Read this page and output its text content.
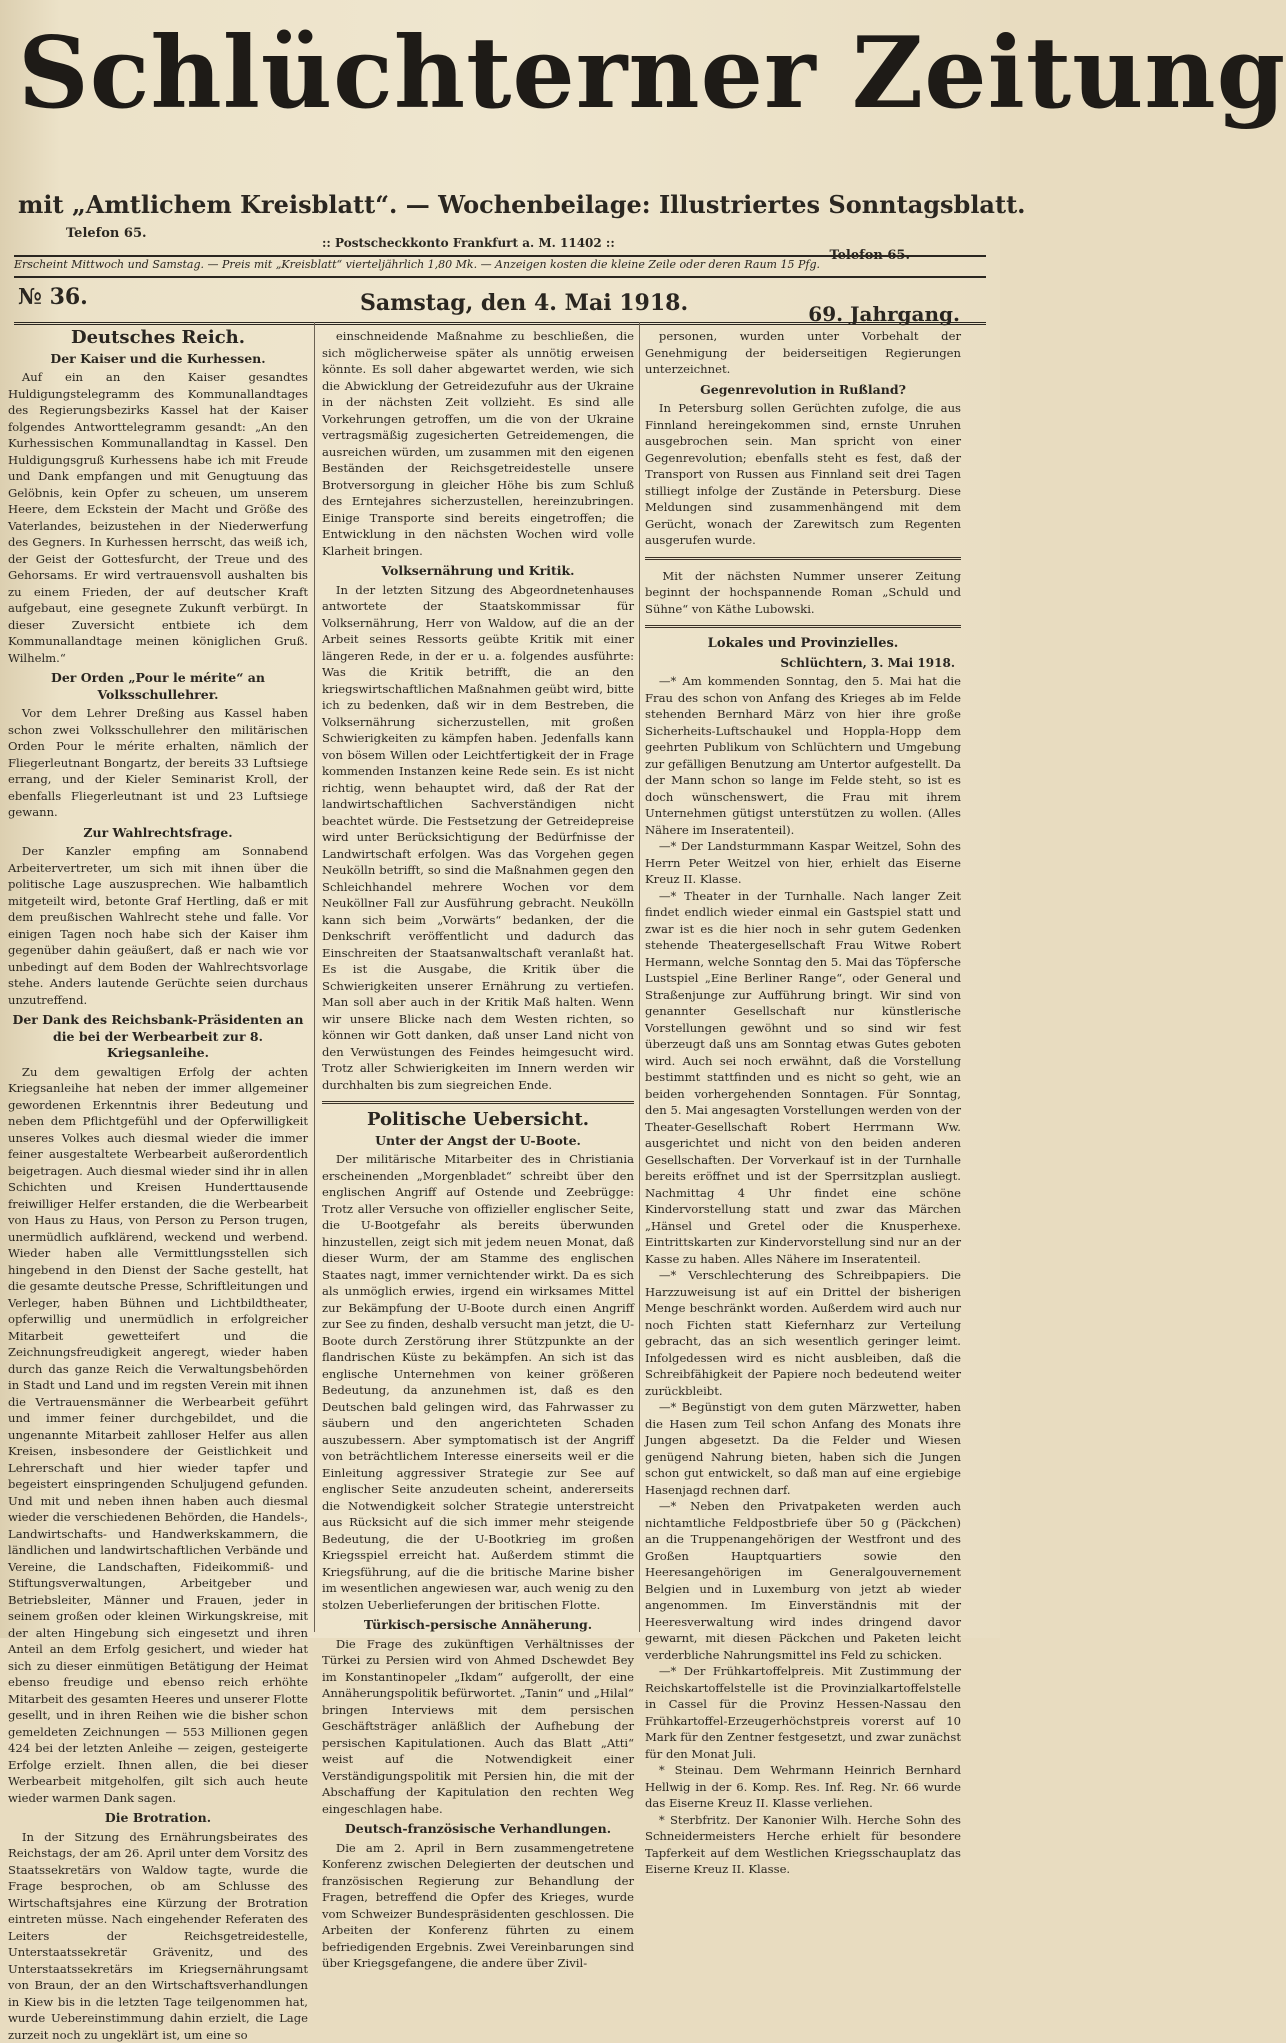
Schlüchterner Zeitung
mit „Amtlichem Kreisblatt“. — Wochenbeilage: Illustriertes Sonntagsblatt.
Telefon 65.
:: Postscheckkonto Frankfurt a. M. 11402 ::
Telefon 65.
Erscheint Mittwoch und Samstag. — Preis mit „Kreisblatt“ vierteljährlich 1,80 Mk. — Anzeigen kosten die kleine Zeile oder deren Raum 15 Pfg.
№ 36.	Samstag, den 4. Mai 1918.	69. Jahrgang.
Deutsches Reich.
Der Kaiser und die Kurhessen.

Auf ein an den Kaiser gesandtes Huldigungstelegramm des Kommunallandtages des Regierungsbezirks Kassel hat der Kaiser folgendes Antworttelegramm gesandt: „An den Kurhessischen Kommunallandtag in Kassel. Den Huldigungsgruß Kurhessens habe ich mit Freude und Dank empfangen und mit Genugtuung das Gelöbnis, kein Opfer zu scheuen, um unserem Heere, dem Eckstein der Macht und Größe des Vaterlandes, beizustehen in der Niederwerfung des Gegners. In Kurhessen herrscht, das weiß ich, der Geist der Gottesfurcht, der Treue und des Gehorsams. Er wird vertrauensvoll aushalten bis zu einem Frieden, der auf deutscher Kraft aufgebaut, eine gesegnete Zukunft verbürgt. In dieser Zuversicht entbiete ich dem Kommunallandtage meinen königlichen Gruß. Wilhelm.“

Der Orden „Pour le mérite“ an Volksschullehrer.

Vor dem Lehrer Dreßing aus Kassel haben schon zwei Volksschullehrer den militärischen Orden Pour le mérite erhalten, nämlich der Fliegerleutnant Bongartz, der bereits 33 Luftsiege errang, und der Kieler Seminarist Kroll, der ebenfalls Fliegerleutnant ist und 23 Luftsiege gewann.

Zur Wahlrechtsfrage.

Der Kanzler empfing am Sonnabend Arbeitervertreter, um sich mit ihnen über die politische Lage auszusprechen. Wie halbamtlich mitgeteilt wird, betonte Graf Hertling, daß er mit dem preußischen Wahlrecht stehe und falle. Vor einigen Tagen noch habe sich der Kaiser ihm gegenüber dahin geäußert, daß er nach wie vor unbedingt auf dem Boden der Wahlrechtsvorlage stehe. Anders lautende Gerüchte seien durchaus unzutreffend.

Der Dank des Reichsbank-Präsidenten an die bei der Werbearbeit zur 8. Kriegsanleihe.

Zu dem gewaltigen Erfolg der achten Kriegsanleihe hat neben der immer allgemeiner gewordenen Erkenntnis ihrer Bedeutung und neben dem Pflichtgefühl und der Opferwilligkeit unseres Volkes auch diesmal wieder die immer feiner ausgestaltete Werbearbeit außerordentlich beigetragen. Auch diesmal wieder sind ihr in allen Schichten und Kreisen Hunderttausende freiwilliger Helfer erstanden, die die Werbearbeit von Haus zu Haus, von Person zu Person trugen, unermüdlich aufklärend, weckend und werbend. Wieder haben alle Vermittlungsstellen sich hingebend in den Dienst der Sache gestellt, hat die gesamte deutsche Presse, Schriftleitungen und Verleger, haben Bühnen und Lichtbildtheater, opferwillig und unermüdlich in erfolgreicher Mitarbeit gewetteifert und die Zeichnungsfreudigkeit angeregt, wieder haben durch das ganze Reich die Verwaltungsbehörden in Stadt und Land und im regsten Verein mit ihnen die Vertrauensmänner die Werbearbeit geführt und immer feiner durchgebildet, und die ungenannte Mitarbeit zahlloser Helfer aus allen Kreisen, insbesondere der Geistlichkeit und Lehrerschaft und hier wieder tapfer und begeistert einspringenden Schuljugend gefunden. Und mit und neben ihnen haben auch diesmal wieder die verschiedenen Behörden, die Handels-, Landwirtschafts- und Handwerkskammern, die ländlichen und landwirtschaftlichen Verbände und Vereine, die Landschaften, Fideikommiß- und Stiftungsverwaltungen, Arbeitgeber und Betriebsleiter, Männer und Frauen, jeder in seinem großen oder kleinen Wirkungskreise, mit der alten Hingebung sich eingesetzt und ihren Anteil an dem Erfolg gesichert, und wieder hat sich zu dieser einmütigen Betätigung der Heimat ebenso freudige und ebenso reich erhöhte Mitarbeit des gesamten Heeres und unserer Flotte gesellt, und in ihren Reihen wie die bisher schon gemeldeten Zeichnungen — 553 Millionen gegen 424 bei der letzten Anleihe — zeigen, gesteigerte Erfolge erzielt. Ihnen allen, die bei dieser Werbearbeit mitgeholfen, gilt sich auch heute wieder warmen Dank sagen.

Die Brotration.

In der Sitzung des Ernährungsbeirates des Reichstags, der am 26. April unter dem Vorsitz des Staatssekretärs von Waldow tagte, wurde die Frage besprochen, ob am Schlusse des Wirtschaftsjahres eine Kürzung der Brotration eintreten müsse. Nach eingehender Referaten des Leiters der Reichsgetreidestelle, Unterstaatssekretär Grävenitz, und des Unterstaatssekretärs im Kriegsernährungsamt von Braun, der an den Wirtschaftsverhandlungen in Kiew bis in die letzten Tage teilgenommen hat, wurde Uebereinstimmung dahin erzielt, die Lage zurzeit noch zu ungeklärt ist, um eine so

einschneidende Maßnahme zu beschließen, die sich möglicherweise später als unnötig erweisen könnte. Es soll daher abgewartet werden, wie sich die Abwicklung der Getreidezufuhr aus der Ukraine in der nächsten Zeit vollzieht. Es sind alle Vorkehrungen getroffen, um die von der Ukraine vertragsmäßig zugesicherten Getreidemengen, die ausreichen würden, um zusammen mit den eigenen Beständen der Reichsgetreidestelle unsere Brotversorgung in gleicher Höhe bis zum Schluß des Erntejahres sicherzustellen, hereinzubringen. Einige Transporte sind bereits eingetroffen; die Entwicklung in den nächsten Wochen wird volle Klarheit bringen.

Volksernährung und Kritik.

In der letzten Sitzung des Abgeordnetenhauses antwortete der Staatskommissar für Volksernährung, Herr von Waldow, auf die an der Arbeit seines Ressorts geübte Kritik mit einer längeren Rede, in der er u. a. folgendes ausführte: Was die Kritik betrifft, die an den kriegswirtschaftlichen Maßnahmen geübt wird, bitte ich zu bedenken, daß wir in dem Bestreben, die Volksernährung sicherzustellen, mit großen Schwierigkeiten zu kämpfen haben. Jedenfalls kann von bösem Willen oder Leichtfertigkeit der in Frage kommenden Instanzen keine Rede sein. Es ist nicht richtig, wenn behauptet wird, daß der Rat der landwirtschaftlichen Sachverständigen nicht beachtet würde. Die Festsetzung der Getreidepreise wird unter Berücksichtigung der Bedürfnisse der Landwirtschaft erfolgen. Was das Vorgehen gegen Neukölln betrifft, so sind die Maßnahmen gegen den Schleichhandel mehrere Wochen vor dem Neuköllner Fall zur Ausführung gebracht. Neukölln kann sich beim „Vorwärts“ bedanken, der die Denkschrift veröffentlicht und dadurch das Einschreiten der Staatsanwaltschaft veranlaßt hat. Es ist die Ausgabe, die Kritik über die Schwierigkeiten unserer Ernährung zu vertiefen. Man soll aber auch in der Kritik Maß halten. Wenn wir unsere Blicke nach dem Westen richten, so können wir Gott danken, daß unser Land nicht von den Verwüstungen des Feindes heimgesucht wird. Trotz aller Schwierigkeiten im Innern werden wir durchhalten bis zum siegreichen Ende.

Politische Uebersicht.
Unter der Angst der U-Boote.

Der militärische Mitarbeiter des in Christiania erscheinenden „Morgenbladet“ schreibt über den englischen Angriff auf Ostende und Zeebrügge: Trotz aller Versuche von offizieller englischer Seite, die U-Bootgefahr als bereits überwunden hinzustellen, zeigt sich mit jedem neuen Monat, daß dieser Wurm, der am Stamme des englischen Staates nagt, immer vernichtender wirkt. Da es sich als unmöglich erwies, irgend ein wirksames Mittel zur Bekämpfung der U-Boote durch einen Angriff zur See zu finden, deshalb versucht man jetzt, die U-Boote durch Zerstörung ihrer Stützpunkte an der flandrischen Küste zu bekämpfen. An sich ist das englische Unternehmen von keiner größeren Bedeutung, da anzunehmen ist, daß es den Deutschen bald gelingen wird, das Fahrwasser zu säubern und den angerichteten Schaden auszubessern. Aber symptomatisch ist der Angriff von beträchtlichem Interesse einerseits weil er die Einleitung aggressiver Strategie zur See auf englischer Seite anzudeuten scheint, andererseits die Notwendigkeit solcher Strategie unterstreicht aus Rücksicht auf die sich immer mehr steigende Bedeutung, die der U-Bootkrieg im großen Kriegsspiel erreicht hat. Außerdem stimmt die Kriegsführung, auf die die britische Marine bisher im wesentlichen angewiesen war, auch wenig zu den stolzen Ueberlieferungen der britischen Flotte.

Türkisch-persische Annäherung.

Die Frage des zukünftigen Verhältnisses der Türkei zu Persien wird von Ahmed Dschewdet Bey im Konstantinopeler „Ikdam“ aufgerollt, der eine Annäherungspolitik befürwortet. „Tanin“ und „Hilal“ bringen Interviews mit dem persischen Geschäftsträger anläßlich der Aufhebung der persischen Kapitulationen. Auch das Blatt „Atti“ weist auf die Notwendigkeit einer Verständigungspolitik mit Persien hin, die mit der Abschaffung der Kapitulation den rechten Weg eingeschlagen habe.

Deutsch-französische Verhandlungen.

Die am 2. April in Bern zusammengetretene Konferenz zwischen Delegierten der deutschen und französischen Regierung zur Behandlung der Fragen, betreffend die Opfer des Krieges, wurde vom Schweizer Bundespräsidenten geschlossen. Die Arbeiten der Konferenz führten zu einem befriedigenden Ergebnis. Zwei Vereinbarungen sind über Kriegsgefangene, die andere über Zivil-

personen, wurden unter Vorbehalt der Genehmigung der beiderseitigen Regierungen unterzeichnet.

Gegenrevolution in Rußland?

In Petersburg sollen Gerüchten zufolge, die aus Finnland hereingekommen sind, ernste Unruhen ausgebrochen sein. Man spricht von einer Gegenrevolution; ebenfalls steht es fest, daß der Transport von Russen aus Finnland seit drei Tagen stilliegt infolge der Zustände in Petersburg. Diese Meldungen sind zusammenhängend mit dem Gerücht, wonach der Zarewitsch zum Regenten ausgerufen wurde.

Mit der nächsten Nummer unserer Zeitung beginnt der hochspannende Roman „Schuld und Sühne“ von Käthe Lubowski.

Lokales und Provinzielles.
Schlüchtern, 3. Mai 1918.

—* Am kommenden Sonntag, den 5. Mai hat die Frau des schon von Anfang des Krieges ab im Felde stehenden Bernhard März von hier ihre große Sicherheits-Luftschaukel und Hoppla-Hopp dem geehrten Publikum von Schlüchtern und Umgebung zur gefälligen Benutzung am Untertor aufgestellt. Da der Mann schon so lange im Felde steht, so ist es doch wünschenswert, die Frau mit ihrem Unternehmen gütigst unterstützen zu wollen. (Alles Nähere im Inseratenteil).

—* Der Landsturmmann Kaspar Weitzel, Sohn des Herrn Peter Weitzel von hier, erhielt das Eiserne Kreuz II. Klasse.

—* Theater in der Turnhalle. Nach langer Zeit findet endlich wieder einmal ein Gastspiel statt und zwar ist es die hier noch in sehr gutem Gedenken stehende Theatergesellschaft Frau Witwe Robert Hermann, welche Sonntag den 5. Mai das Töpfersche Lustspiel „Eine Berliner Range“, oder General und Straßenjunge zur Aufführung bringt. Wir sind von genannter Gesellschaft nur künstlerische Vorstellungen gewöhnt und so sind wir fest überzeugt daß uns am Sonntag etwas Gutes geboten wird. Auch sei noch erwähnt, daß die Vorstellung bestimmt stattfinden und es nicht so geht, wie an beiden vorhergehenden Sonntagen. Für Sonntag, den 5. Mai angesagten Vorstellungen werden von der Theater-Gesellschaft Robert Herrmann Ww. ausgerichtet und nicht von den beiden anderen Gesellschaften. Der Vorverkauf ist in der Turnhalle bereits eröffnet und ist der Sperrsitzplan ausliegt. Nachmittag 4 Uhr findet eine schöne Kindervorstellung statt und zwar das Märchen „Hänsel und Gretel oder die Knusperhexe. Eintrittskarten zur Kindervorstellung sind nur an der Kasse zu haben. Alles Nähere im Inseratenteil.

—* Verschlechterung des Schreibpapiers. Die Harzzuweisung ist auf ein Drittel der bisherigen Menge beschränkt worden. Außerdem wird auch nur noch Fichten statt Kiefernharz zur Verteilung gebracht, das an sich wesentlich geringer leimt. Infolgedessen wird es nicht ausbleiben, daß die Schreibfähigkeit der Papiere noch bedeutend weiter zurückbleibt.

—* Begünstigt von dem guten Märzwetter, haben die Hasen zum Teil schon Anfang des Monats ihre Jungen abgesetzt. Da die Felder und Wiesen genügend Nahrung bieten, haben sich die Jungen schon gut entwickelt, so daß man auf eine ergiebige Hasenjagd rechnen darf.

—* Neben den Privatpaketen werden auch nichtamtliche Feldpostbriefe über 50 g (Päckchen) an die Truppenangehörigen der Westfront und des Großen Hauptquartiers sowie den Heeresangehörigen im Generalgouvernement Belgien und in Luxemburg von jetzt ab wieder angenommen. Im Einverständnis mit der Heeresverwaltung wird indes dringend davor gewarnt, mit diesen Päckchen und Paketen leicht verderbliche Nahrungsmittel ins Feld zu schicken.

—* Der Frühkartoffelpreis. Mit Zustimmung der Reichskartoffelstelle ist die Provinzialkartoffelstelle in Cassel für die Provinz Hessen-Nassau den Frühkartoffel-Erzeugerhöchstpreis vorerst auf 10 Mark für den Zentner festgesetzt, und zwar zunächst für den Monat Juli.

* Steinau. Dem Wehrmann Heinrich Bernhard Hellwig in der 6. Komp. Res. Inf. Reg. Nr. 66 wurde das Eiserne Kreuz II. Klasse verliehen.

* Sterbfritz. Der Kanonier Wilh. Herche Sohn des Schneidermeisters Herche erhielt für besondere Tapferkeit auf dem Westlichen Kriegsschauplatz das Eiserne Kreuz II. Klasse.
